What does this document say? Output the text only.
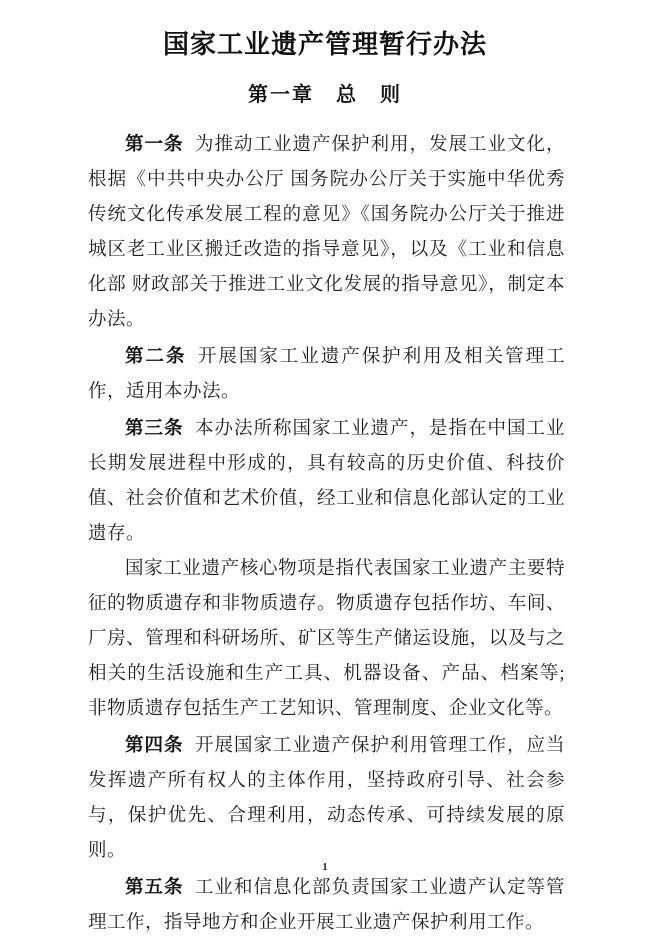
国家工业遗产管理暂行办法
第一章　总　则

第一条 为推动工业遗产保护利用，发展工业文化，根据《中共中央办公厅 国务院办公厅关于实施中华优秀传统文化传承发展工程的意见》《国务院办公厅关于推进城区老工业区搬迁改造的指导意见》，以及《工业和信息化部 财政部关于推进工业文化发展的指导意见》，制定本办法。

第二条 开展国家工业遗产保护利用及相关管理工作，适用本办法。

第三条 本办法所称国家工业遗产，是指在中国工业长期发展进程中形成的，具有较高的历史价值、科技价值、社会价值和艺术价值，经工业和信息化部认定的工业遗存。

国家工业遗产核心物项是指代表国家工业遗产主要特征的物质遗存和非物质遗存。物质遗存包括作坊、车间、厂房、管理和科研场所、矿区等生产储运设施，以及与之相关的生活设施和生产工具、机器设备、产品、档案等;非物质遗存包括生产工艺知识、管理制度、企业文化等。

第四条 开展国家工业遗产保护利用管理工作，应当发挥遗产所有权人的主体作用，坚持政府引导、社会参与，保护优先、合理利用，动态传承、可持续发展的原则。

第五条 工业和信息化部负责国家工业遗产认定等管理工作，指导地方和企业开展工业遗产保护利用工作。

1
